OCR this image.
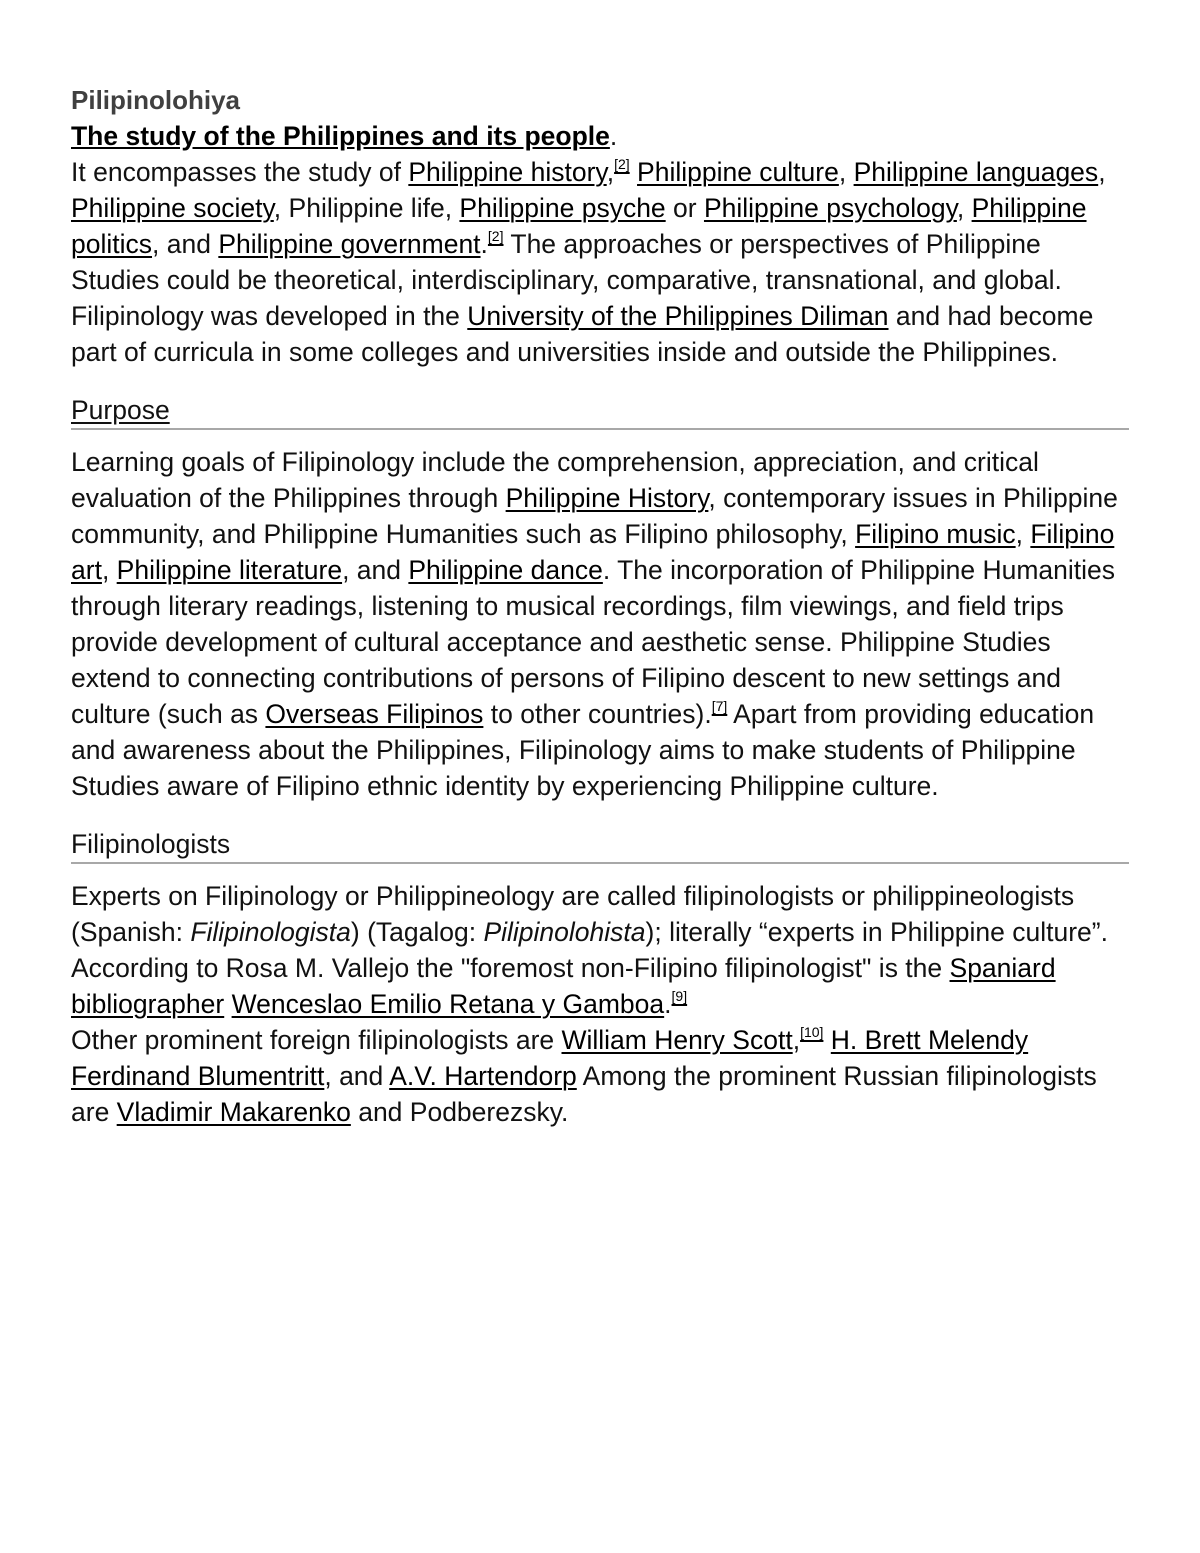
Pilipinolohiya

The study of the Philippines and its people.
It encompasses the study of Philippine history,[2] Philippine culture, Philippine languages, Philippine society, Philippine life, Philippine psyche or Philippine psychology, Philippine politics, and Philippine government.[2] The approaches or perspectives of Philippine Studies could be theoretical, interdisciplinary, comparative, transnational, and global. Filipinology was developed in the University of the Philippines Diliman and had become part of curricula in some colleges and universities inside and outside the Philippines.

Purpose

Learning goals of Filipinology include the comprehension, appreciation, and critical evaluation of the Philippines through Philippine History, contemporary issues in Philippine community, and Philippine Humanities such as Filipino philosophy, Filipino music, Filipino art, Philippine literature, and Philippine dance. The incorporation of Philippine Humanities through literary readings, listening to musical recordings, film viewings, and field trips provide development of cultural acceptance and aesthetic sense. Philippine Studies extend to connecting contributions of persons of Filipino descent to new settings and culture (such as Overseas Filipinos to other countries).[7] Apart from providing education and awareness about the Philippines, Filipinology aims to make students of Philippine Studies aware of Filipino ethnic identity by experiencing Philippine culture.

Filipinologists

Experts on Filipinology or Philippineology are called filipinologists or philippineologists (Spanish: Filipinologista) (Tagalog: Pilipinolohista); literally “experts in Philippine culture”. According to Rosa M. Vallejo the "foremost non-Filipino filipinologist" is the Spaniard bibliographer Wenceslao Emilio Retana y Gamboa.[9]
Other prominent foreign filipinologists are William Henry Scott,[10] H. Brett Melendy Ferdinand Blumentritt, and A.V. Hartendorp Among the prominent Russian filipinologists are Vladimir Makarenko and Podberezsky.
